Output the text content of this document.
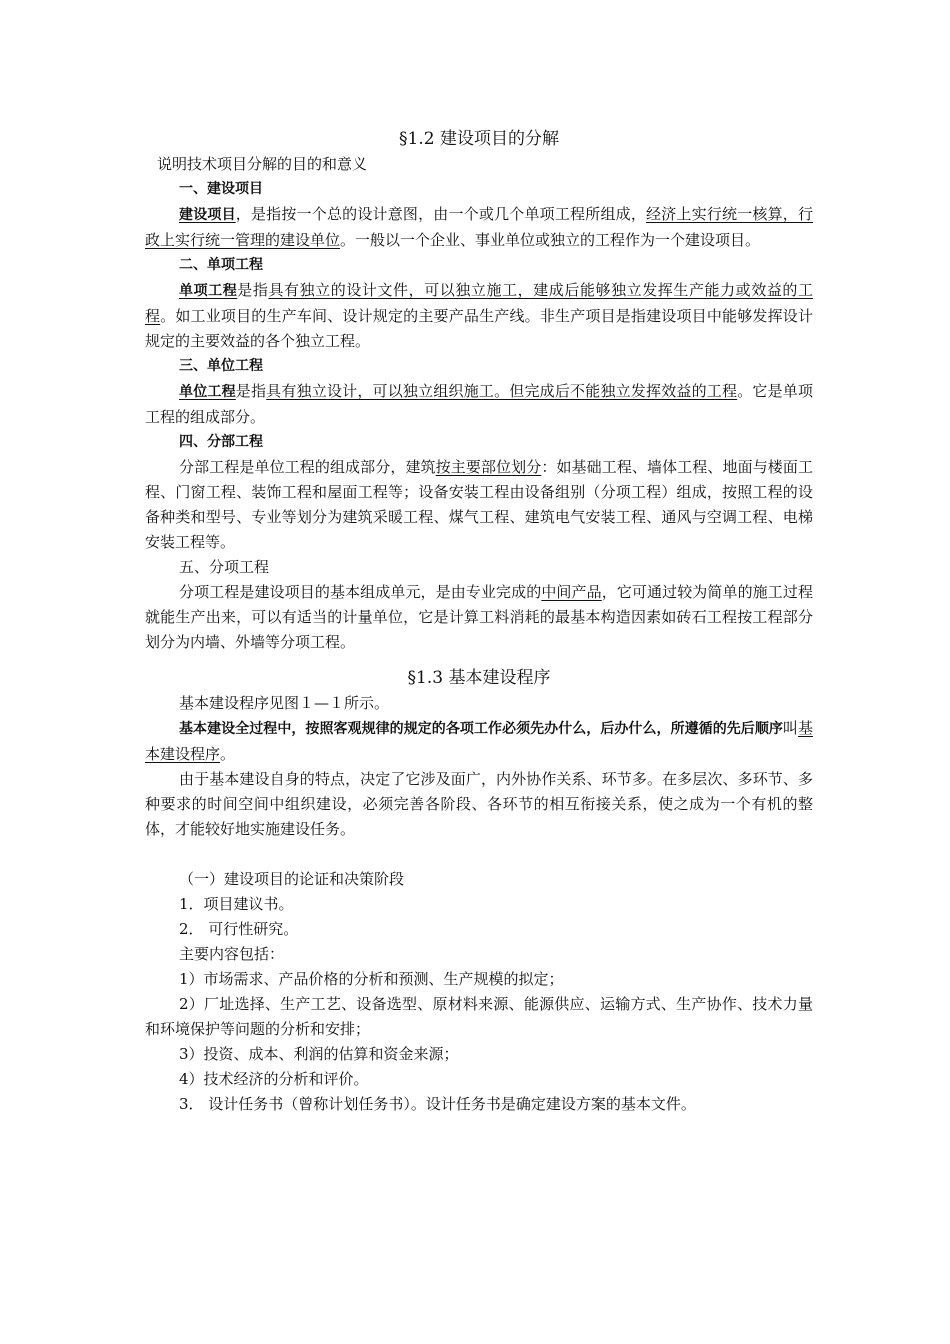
§1.2 建设项目的分解

说明技术项目分解的目的和意义

一、建设项目

建设项目，是指按一个总的设计意图，由一个或几个单项工程所组成，经济上实行统一核算，行政上实行统一管理的建设单位。一般以一个企业、事业单位或独立的工程作为一个建设项目。

二、单项工程

单项工程是指具有独立的设计文件，可以独立施工，建成后能够独立发挥生产能力或效益的工程。如工业项目的生产车间、设计规定的主要产品生产线。非生产项目是指建设项目中能够发挥设计规定的主要效益的各个独立工程。

三、单位工程

单位工程是指具有独立设计，可以独立组织施工。但完成后不能独立发挥效益的工程。它是单项工程的组成部分。

四、分部工程

分部工程是单位工程的组成部分，建筑按主要部位划分：如基础工程、墙体工程、地面与楼面工程、门窗工程、装饰工程和屋面工程等；设备安装工程由设备组别（分项工程）组成，按照工程的设备种类和型号、专业等划分为建筑采暖工程、煤气工程、建筑电气安装工程、通风与空调工程、电梯安装工程等。

五、分项工程

分项工程是建设项目的基本组成单元，是由专业完成的中间产品，它可通过较为简单的施工过程就能生产出来，可以有适当的计量单位，它是计算工料消耗的最基本构造因素如砖石工程按工程部分划分为内墙、外墙等分项工程。

§1.3 基本建设程序

基本建设程序见图１—１所示。

基本建设全过程中，按照客观规律的规定的各项工作必须先办什么，后办什么，所遵循的先后顺序叫基本建设程序。

由于基本建设自身的特点，决定了它涉及面广，内外协作关系、环节多。在多层次、多环节、多种要求的时间空间中组织建设，必须完善各阶段、各环节的相互衔接关系，使之成为一个有机的整体，才能较好地实施建设任务。

（一）建设项目的论证和决策阶段

1．项目建议书。

2． 可行性研究。

主要内容包括：

1）市场需求、产品价格的分析和预测、生产规模的拟定；

2）厂址选择、生产工艺、设备选型、原材料来源、能源供应、运输方式、生产协作、技术力量和环境保护等问题的分析和安排；

3）投资、成本、利润的估算和资金来源；

4）技术经济的分析和评价。

3． 设计任务书（曾称计划任务书）。设计任务书是确定建设方案的基本文件。
